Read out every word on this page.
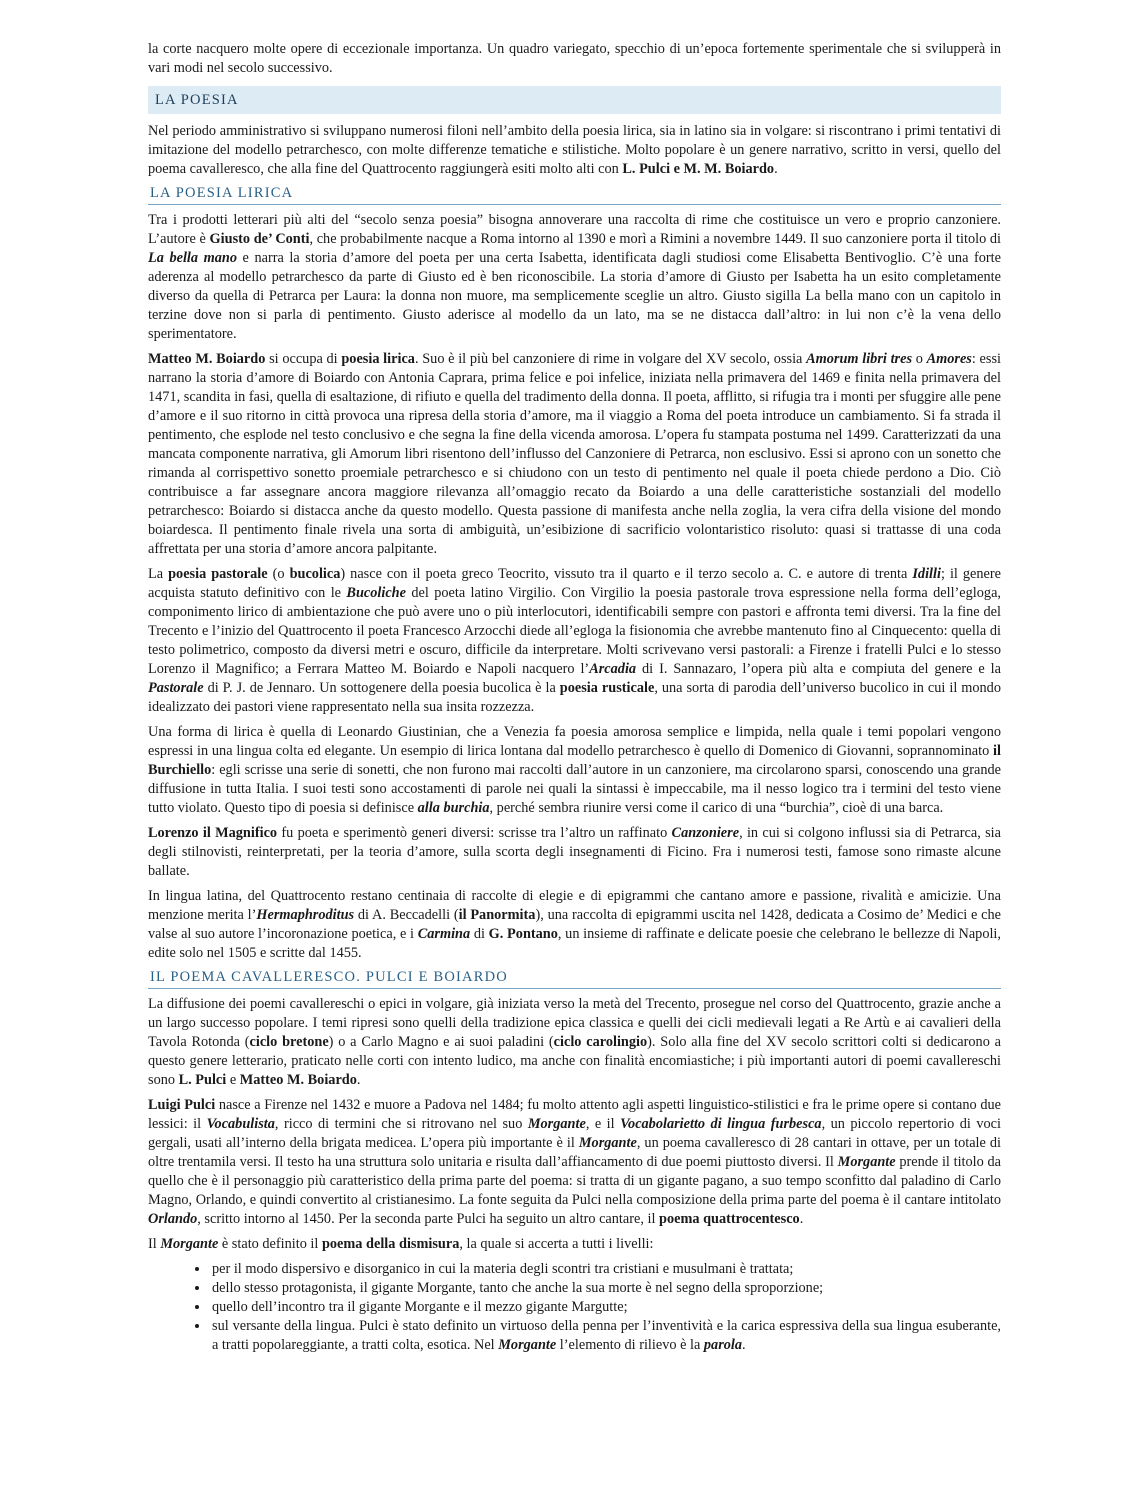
la corte nacquero molte opere di eccezionale importanza. Un quadro variegato, specchio di un’epoca fortemente sperimentale che si svilupperà in vari modi nel secolo successivo.

LA POESIA

Nel periodo amministrativo si sviluppano numerosi filoni nell’ambito della poesia lirica, sia in latino sia in volgare: si riscontrano i primi tentativi di imitazione del modello petrarchesco, con molte differenze tematiche e stilistiche. Molto popolare è un genere narrativo, scritto in versi, quello del poema cavalleresco, che alla fine del Quattrocento raggiungerà esiti molto alti con L. Pulci e M. M. Boiardo.

LA POESIA LIRICA

Tra i prodotti letterari più alti del “secolo senza poesia” bisogna annoverare una raccolta di rime che costituisce un vero e proprio canzoniere. L’autore è Giusto de’ Conti, che probabilmente nacque a Roma intorno al 1390 e morì a Rimini a novembre 1449. Il suo canzoniere porta il titolo di La bella mano e narra la storia d’amore del poeta per una certa Isabetta, identificata dagli studiosi come Elisabetta Bentivoglio. C’è una forte aderenza al modello petrarchesco da parte di Giusto ed è ben riconoscibile. La storia d’amore di Giusto per Isabetta ha un esito completamente diverso da quella di Petrarca per Laura: la donna non muore, ma semplicemente sceglie un altro. Giusto sigilla La bella mano con un capitolo in terzine dove non si parla di pentimento. Giusto aderisce al modello da un lato, ma se ne distacca dall’altro: in lui non c’è la vena dello sperimentatore.

Matteo M. Boiardo si occupa di poesia lirica. Suo è il più bel canzoniere di rime in volgare del XV secolo, ossia Amorum libri tres o Amores: essi narrano la storia d’amore di Boiardo con Antonia Caprara, prima felice e poi infelice, iniziata nella primavera del 1469 e finita nella primavera del 1471, scandita in fasi, quella di esaltazione, di rifiuto e quella del tradimento della donna. Il poeta, afflitto, si rifugia tra i monti per sfuggire alle pene d’amore e il suo ritorno in città provoca una ripresa della storia d’amore, ma il viaggio a Roma del poeta introduce un cambiamento. Si fa strada il pentimento, che esplode nel testo conclusivo e che segna la fine della vicenda amorosa. L’opera fu stampata postuma nel 1499. Caratterizzati da una mancata componente narrativa, gli Amorum libri risentono dell’influsso del Canzoniere di Petrarca, non esclusivo. Essi si aprono con un sonetto che rimanda al corrispettivo sonetto proemiale petrarchesco e si chiudono con un testo di pentimento nel quale il poeta chiede perdono a Dio. Ciò contribuisce a far assegnare ancora maggiore rilevanza all’omaggio recato da Boiardo a una delle caratteristiche sostanziali del modello petrarchesco: Boiardo si distacca anche da questo modello. Questa passione di manifesta anche nella zoglia, la vera cifra della visione del mondo boiardesca. Il pentimento finale rivela una sorta di ambiguità, un’esibizione di sacrificio volontaristico risoluto: quasi si trattasse di una coda affrettata per una storia d’amore ancora palpitante.

La poesia pastorale (o bucolica) nasce con il poeta greco Teocrito, vissuto tra il quarto e il terzo secolo a. C. e autore di trenta Idilli; il genere acquista statuto definitivo con le Bucoliche del poeta latino Virgilio. Con Virgilio la poesia pastorale trova espressione nella forma dell’egloga, componimento lirico di ambientazione che può avere uno o più interlocutori, identificabili sempre con pastori e affronta temi diversi. Tra la fine del Trecento e l’inizio del Quattrocento il poeta Francesco Arzocchi diede all’egloga la fisionomia che avrebbe mantenuto fino al Cinquecento: quella di testo polimetrico, composto da diversi metri e oscuro, difficile da interpretare. Molti scrivevano versi pastorali: a Firenze i fratelli Pulci e lo stesso Lorenzo il Magnifico; a Ferrara Matteo M. Boiardo e Napoli nacquero l’Arcadia di I. Sannazaro, l’opera più alta e compiuta del genere e la Pastorale di P. J. de Jennaro. Un sottogenere della poesia bucolica è la poesia rusticale, una sorta di parodia dell’universo bucolico in cui il mondo idealizzato dei pastori viene rappresentato nella sua insita rozzezza.

Una forma di lirica è quella di Leonardo Giustinian, che a Venezia fa poesia amorosa semplice e limpida, nella quale i temi popolari vengono espressi in una lingua colta ed elegante. Un esempio di lirica lontana dal modello petrarchesco è quello di Domenico di Giovanni, soprannominato il Burchiello: egli scrisse una serie di sonetti, che non furono mai raccolti dall’autore in un canzoniere, ma circolarono sparsi, conoscendo una grande diffusione in tutta Italia. I suoi testi sono accostamenti di parole nei quali la sintassi è impeccabile, ma il nesso logico tra i termini del testo viene tutto violato. Questo tipo di poesia si definisce alla burchia, perché sembra riunire versi come il carico di una “burchia”, cioè di una barca.

Lorenzo il Magnifico fu poeta e sperimentò generi diversi: scrisse tra l’altro un raffinato Canzoniere, in cui si colgono influssi sia di Petrarca, sia degli stilnovisti, reinterpretati, per la teoria d’amore, sulla scorta degli insegnamenti di Ficino. Fra i numerosi testi, famose sono rimaste alcune ballate.

In lingua latina, del Quattrocento restano centinaia di raccolte di elegie e di epigrammi che cantano amore e passione, rivalità e amicizie. Una menzione merita l’Hermaphroditus di A. Beccadelli (il Panormita), una raccolta di epigrammi uscita nel 1428, dedicata a Cosimo de’ Medici e che valse al suo autore l’incoronazione poetica, e i Carmina di G. Pontano, un insieme di raffinate e delicate poesie che celebrano le bellezze di Napoli, edite solo nel 1505 e scritte dal 1455.

IL POEMA CAVALLERESCO. PULCI E BOIARDO

La diffusione dei poemi cavallereschi o epici in volgare, già iniziata verso la metà del Trecento, prosegue nel corso del Quattrocento, grazie anche a un largo successo popolare. I temi ripresi sono quelli della tradizione epica classica e quelli dei cicli medievali legati a Re Artù e ai cavalieri della Tavola Rotonda (ciclo bretone) o a Carlo Magno e ai suoi paladini (ciclo carolingio). Solo alla fine del XV secolo scrittori colti si dedicarono a questo genere letterario, praticato nelle corti con intento ludico, ma anche con finalità encomiastiche; i più importanti autori di poemi cavallereschi sono L. Pulci e Matteo M. Boiardo.

Luigi Pulci nasce a Firenze nel 1432 e muore a Padova nel 1484; fu molto attento agli aspetti linguistico-stilistici e fra le prime opere si contano due lessici: il Vocabulista, ricco di termini che si ritrovano nel suo Morgante, e il Vocabolarietto di lingua furbesca, un piccolo repertorio di voci gergali, usati all’interno della brigata medicea. L’opera più importante è il Morgante, un poema cavalleresco di 28 cantari in ottave, per un totale di oltre trentamila versi. Il testo ha una struttura solo unitaria e risulta dall’affiancamento di due poemi piuttosto diversi. Il Morgante prende il titolo da quello che è il personaggio più caratteristico della prima parte del poema: si tratta di un gigante pagano, a suo tempo sconfitto dal paladino di Carlo Magno, Orlando, e quindi convertito al cristianesimo. La fonte seguita da Pulci nella composizione della prima parte del poema è il cantare intitolato Orlando, scritto intorno al 1450. Per la seconda parte Pulci ha seguito un altro cantare, il poema quattrocentesco.

Il Morgante è stato definito il poema della dismisura, la quale si accerta a tutti i livelli:

• per il modo dispersivo e disorganico in cui la materia degli scontri tra cristiani e musulmani è trattata;
• dello stesso protagonista, il gigante Morgante, tanto che anche la sua morte è nel segno della sproporzione;
• quello dell’incontro tra il gigante Morgante e il mezzo gigante Margutte;
• sul versante della lingua. Pulci è stato definito un virtuoso della penna per l’inventività e la carica espressiva della sua lingua esuberante, a tratti popolareggiante, a tratti colta, esotica. Nel Morgante l’elemento di rilievo è la parola.
